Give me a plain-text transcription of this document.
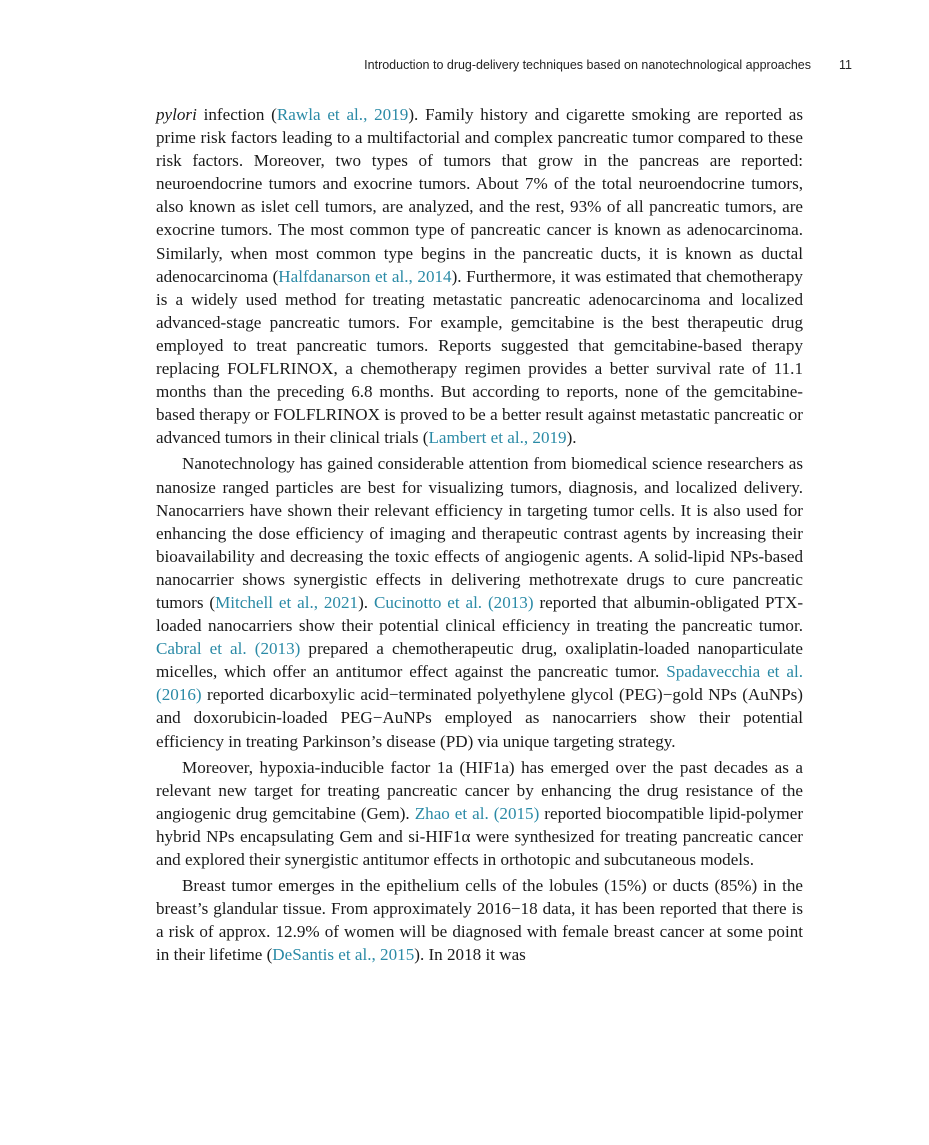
Introduction to drug-delivery techniques based on nanotechnological approaches 11

pylori infection (Rawla et al., 2019). Family history and cigarette smoking are reported as prime risk factors leading to a multifactorial and complex pancreatic tumor compared to these risk factors. Moreover, two types of tumors that grow in the pancreas are reported: neuroendocrine tumors and exocrine tumors. About 7% of the total neuroendocrine tumors, also known as islet cell tumors, are analyzed, and the rest, 93% of all pancreatic tumors, are exocrine tumors. The most common type of pancreatic cancer is known as adenocarcinoma. Similarly, when most common type begins in the pancreatic ducts, it is known as ductal adenocarcinoma (Halfdanarson et al., 2014). Furthermore, it was estimated that chemotherapy is a widely used method for treating metastatic pancreatic adenocarcinoma and localized advanced-stage pancreatic tumors. For example, gemcitabine is the best therapeutic drug employed to treat pancreatic tumors. Reports suggested that gemcitabine-based therapy replacing FOLFLRINOX, a chemotherapy regimen provides a better survival rate of 11.1 months than the preceding 6.8 months. But according to reports, none of the gemcitabine-based therapy or FOLFLRINOX is proved to be a better result against metastatic pancreatic or advanced tumors in their clinical trials (Lambert et al., 2019).

Nanotechnology has gained considerable attention from biomedical science researchers as nanosize ranged particles are best for visualizing tumors, diagnosis, and localized delivery. Nanocarriers have shown their relevant efficiency in targeting tumor cells. It is also used for enhancing the dose efficiency of imaging and therapeutic contrast agents by increasing their bioavailability and decreasing the toxic effects of angiogenic agents. A solid-lipid NPs-based nanocarrier shows synergistic effects in delivering methotrexate drugs to cure pancreatic tumors (Mitchell et al., 2021). Cucinotto et al. (2013) reported that albumin-obligated PTX-loaded nanocarriers show their potential clinical efficiency in treating the pancreatic tumor. Cabral et al. (2013) prepared a chemotherapeutic drug, oxaliplatin-loaded nanoparticulate micelles, which offer an antitumor effect against the pancreatic tumor. Spadavecchia et al. (2016) reported dicarboxylic acid−terminated polyethylene glycol (PEG)−gold NPs (AuNPs) and doxorubicin-loaded PEG−AuNPs employed as nanocarriers show their potential efficiency in treating Parkinson’s disease (PD) via unique targeting strategy.

Moreover, hypoxia-inducible factor 1a (HIF1a) has emerged over the past decades as a relevant new target for treating pancreatic cancer by enhancing the drug resistance of the angiogenic drug gemcitabine (Gem). Zhao et al. (2015) reported biocompatible lipid-polymer hybrid NPs encapsulating Gem and si-HIF1α were synthesized for treating pancreatic cancer and explored their synergistic antitumor effects in orthotopic and subcutaneous models.

Breast tumor emerges in the epithelium cells of the lobules (15%) or ducts (85%) in the breast’s glandular tissue. From approximately 2016−18 data, it has been reported that there is a risk of approx. 12.9% of women will be diagnosed with female breast cancer at some point in their lifetime (DeSantis et al., 2015). In 2018 it was
